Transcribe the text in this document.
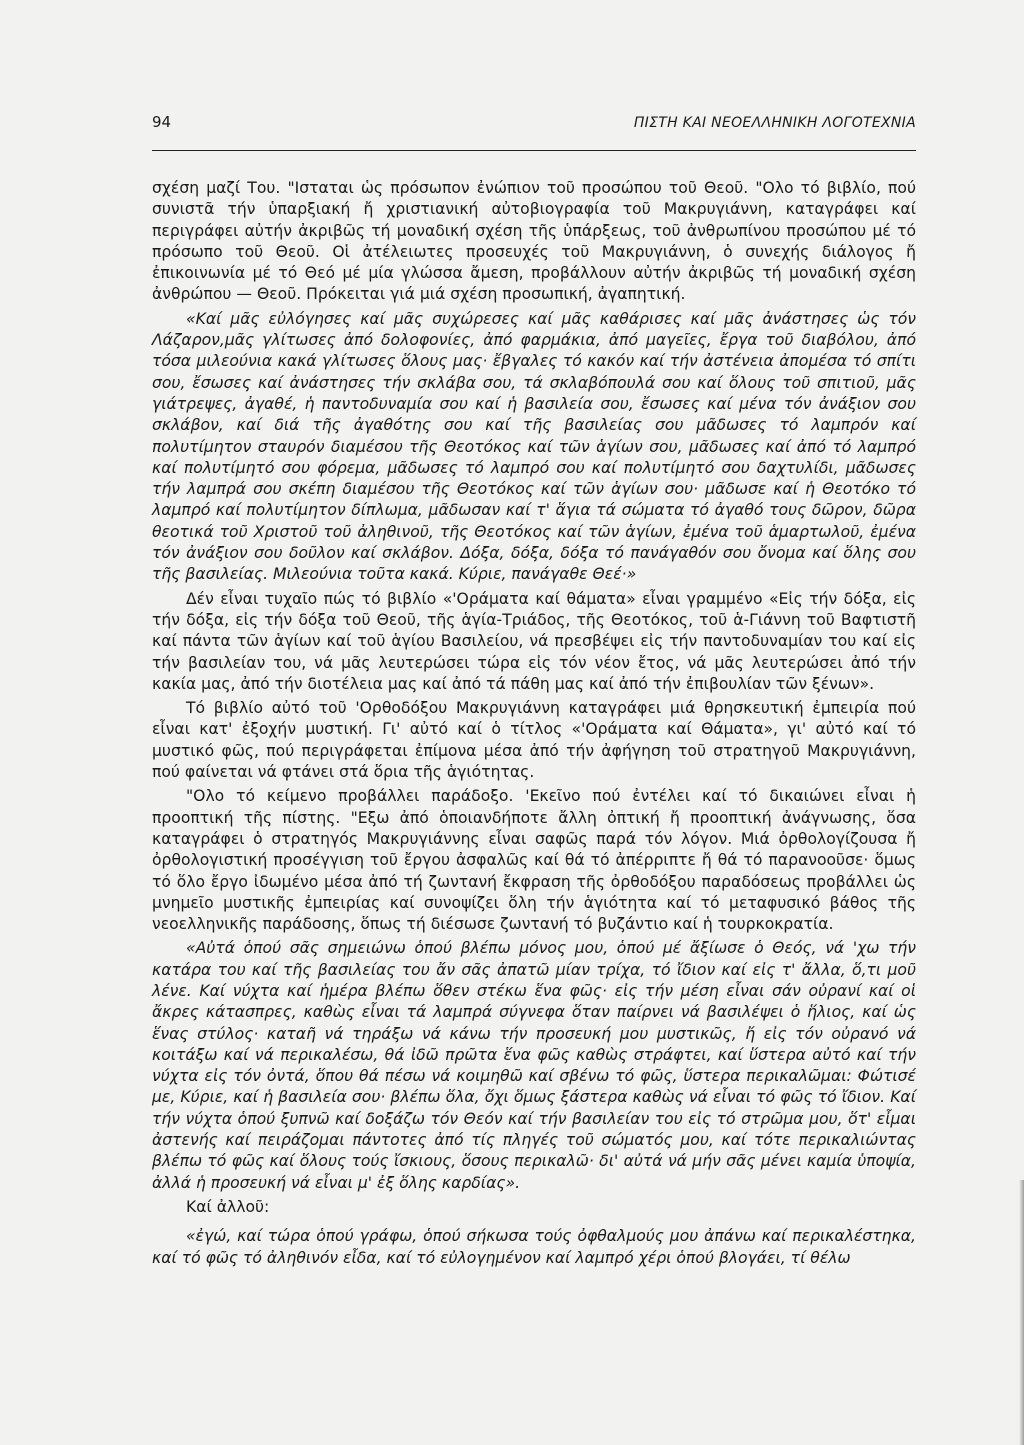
94	ΠΙΣΤΗ ΚΑΙ ΝΕΟΕΛΛΗΝΙΚΗ ΛΟΓΟΤΕΧΝΙΑ

σχέση μαζί Του. "Ισταται ὡς πρόσωπον ἐνώπιον τοῦ προσώπου τοῦ Θεοῦ. "Ολο τό βιβλίο, πού συνιστᾶ τήν ὑπαρξιακή ἤ χριστιανική αὐτοβιογραφία τοῦ Μακρυγιάννη, καταγράφει καί περιγράφει αὐτήν ἀκριβῶς τή μοναδική σχέση τῆς ὑπάρξεως, τοῦ ἀνθρωπίνου προσώπου μέ τό πρόσωπο τοῦ Θεοῦ. Οἱ ἀτέλειωτες προσευχές τοῦ Μακρυγιάννη, ὁ συνεχής διάλογος ἤ ἐπικοινωνία μέ τό Θεό μέ μία γλώσσα ἄμεση, προβάλλουν αὐτήν ἀκριβῶς τή μοναδική σχέση ἀνθρώπου — Θεοῦ. Πρόκειται γιά μιά σχέση προσωπική, ἀγαπητική.

«Καί μᾶς εὐλόγησες καί μᾶς συχώρεσες καί μᾶς καθάρισες καί μᾶς ἀνάστησες ὡς τόν Λάζαρον,μᾶς γλίτωσες ἀπό δολοφονίες, ἀπό φαρμάκια, ἀπό μαγεῖες, ἔργα τοῦ διαβόλου, ἀπό τόσα μιλεούνια κακά γλίτωσες ὅλους μας· ἔβγαλες τό κακόν καί τήν ἀστένεια ἀπομέσα τό σπίτι σου, ἔσωσες καί ἀνάστησες τήν σκλάβα σου, τά σκλαβόπουλά σου καί ὅλους τοῦ σπιτιοῦ, μᾶς γιάτρεψες, ἀγαθέ, ἡ παντοδυναμία σου καί ἡ βασιλεία σου, ἔσωσες καί μένα τόν ἀνάξιον σου σκλάβον, καί διά τῆς ἀγαθότης σου καί τῆς βασιλείας σου μᾶδωσες τό λαμπρόν καί πολυτίμητον σταυρόν διαμέσου τῆς Θεοτόκος καί τῶν ἁγίων σου, μᾶδωσες καί ἀπό τό λαμπρό καί πολυτίμητό σου φόρεμα, μᾶδωσες τό λαμπρό σου καί πολυτίμητό σου δαχτυλίδι, μᾶδωσες τήν λαμπρά σου σκέπη διαμέσου τῆς Θεοτόκος καί τῶν ἁγίων σου· μᾶδωσε καί ἡ Θεοτόκο τό λαμπρό καί πολυτίμητον δίπλωμα, μᾶδωσαν καί τ' ἅγια τά σώματα τό ἀγαθό τους δῶρον, δῶρα θεοτικά τοῦ Χριστοῦ τοῦ ἀληθινοῦ, τῆς Θεοτόκος καί τῶν ἁγίων, ἐμένα τοῦ ἁμαρτωλοῦ, ἐμένα τόν ἀνάξιον σου δοῦλον καί σκλάβον. Δόξα, δόξα, δόξα τό πανάγαθόν σου ὄνομα καί ὅλης σου τῆς βασιλείας. Μιλεούνια τοῦτα κακά. Κύριε, πανάγαθε Θεέ·»

Δέν εἶναι τυχαῖο πώς τό βιβλίο «'Οράματα καί θάματα» εἶναι γραμμένο «Εἰς τήν δόξα, εἰς τήν δόξα, εἰς τήν δόξα τοῦ Θεοῦ, τῆς ἁγία-Τριάδος, τῆς Θεοτόκος, τοῦ ἁ-Γιάννη τοῦ Βαφτιστῆ καί πάντα τῶν ἁγίων καί τοῦ ἁγίου Βασιλείου, νά πρεσβέψει εἰς τήν παντοδυναμίαν του καί εἰς τήν βασιλείαν του, νά μᾶς λευτερώσει τώρα εἰς τόν νέον ἔτος, νά μᾶς λευτερώσει ἀπό τήν κακία μας, ἀπό τήν διοτέλεια μας καί ἀπό τά πάθη μας καί ἀπό τήν ἐπιβουλίαν τῶν ξένων».

Τό βιβλίο αὐτό τοῦ 'Ορθοδόξου Μακρυγιάννη καταγράφει μιά θρησκευτική ἐμπειρία πού εἶναι κατ' ἐξοχήν μυστική. Γι' αὐτό καί ὁ τίτλος «'Οράματα καί Θάματα», γι' αὐτό καί τό μυστικό φῶς, πού περιγράφεται ἐπίμονα μέσα ἀπό τήν ἀφήγηση τοῦ στρατηγοῦ Μακρυγιάννη, πού φαίνεται νά φτάνει στά ὅρια τῆς ἁγιότητας.

"Ολο τό κείμενο προβάλλει παράδοξο. 'Εκεῖνο πού ἐντέλει καί τό δικαιώνει εἶναι ἡ προοπτική τῆς πίστης. "Εξω ἀπό ὁποιανδήποτε ἄλλη ὀπτική ἤ προοπτική ἀνάγνωσης, ὅσα καταγράφει ὁ στρατηγός Μακρυγιάννης εἶναι σαφῶς παρά τόν λόγον. Μιά ὀρθολογίζουσα ἤ ὀρθολογιστική προσέγγιση τοῦ ἔργου ἀσφαλῶς καί θά τό ἀπέρριπτε ἤ θά τό παρανοοῦσε· ὅμως τό ὅλο ἔργο ἰδωμένο μέσα ἀπό τή ζωντανή ἔκφραση τῆς ὀρθοδόξου παραδόσεως προβάλλει ὡς μνημεῖο μυστικῆς ἐμπειρίας καί συνοψίζει ὅλη τήν ἁγιότητα καί τό μεταφυσικό βάθος τῆς νεοελληνικῆς παράδοσης, ὅπως τή διέσωσε ζωντανή τό βυζάντιο καί ἡ τουρκοκρατία.

«Αὐτά ὁπού σᾶς σημειώνω ὁπού βλέπω μόνος μου, ὁπού μέ ἄξίωσε ὁ Θεός, νά 'χω τήν κατάρα του καί τῆς βασιλείας του ἄν σᾶς ἀπατῶ μίαν τρίχα, τό ἴδιον καί εἰς τ' ἄλλα, ὅ,τι μοῦ λένε. Καί νύχτα καί ἡμέρα βλέπω ὅθεν στέκω ἕνα φῶς· εἰς τήν μέση εἶναι σάν οὐρανί καί οἱ ἄκρες κάτασπρες, καθὼς εἶναι τά λαμπρά σύγνεφα ὅταν παίρνει νά βασιλέψει ὁ ἥλιος, καί ὡς ἕνας στύλος· καταῆ νά τηράξω νά κάνω τήν προσευκή μου μυστικῶς, ἤ εἰς τόν οὐρανό νά κοιτάξω καί νά περικαλέσω, θά ἰδῶ πρῶτα ἕνα φῶς καθὼς στράφτει, καί ὕστερα αὐτό καί τήν νύχτα εἰς τόν ὀντά, ὅπου θά πέσω νά κοιμηθῶ καί σβένω τό φῶς, ὕστερα περικαλῶμαι: Φώτισέ με, Κύριε, καί ἡ βασιλεία σου· βλέπω ὅλα, ὄχι ὅμως ξάστερα καθὼς νά εἶναι τό φῶς τό ἴδιον. Καί τήν νύχτα ὁπού ξυπνῶ καί δοξάζω τόν Θεόν καί τήν βασιλείαν του εἰς τό στρῶμα μου, ὅτ' εἶμαι ἀστενής καί πειράζομαι πάντοτες ἀπό τίς πληγές τοῦ σώματός μου, καί τότε περικαλιώντας βλέπω τό φῶς καί ὅλους τούς ἴσκιους, ὅσους περικαλῶ· δι' αὐτά νά μήν σᾶς μένει καμία ὑποψία, ἀλλά ἡ προσευκή νά εἶναι μ' ἐξ ὅλης καρδίας».

Καί ἀλλοῦ:

«ἐγώ, καί τώρα ὁπού γράφω, ὁπού σήκωσα τούς ὀφθαλμούς μου ἀπάνω καί περικαλέστηκα, καί τό φῶς τό ἀληθινόν εἶδα, καί τό εὐλογημένον καί λαμπρό χέρι ὁπού βλογάει, τί θέλω
